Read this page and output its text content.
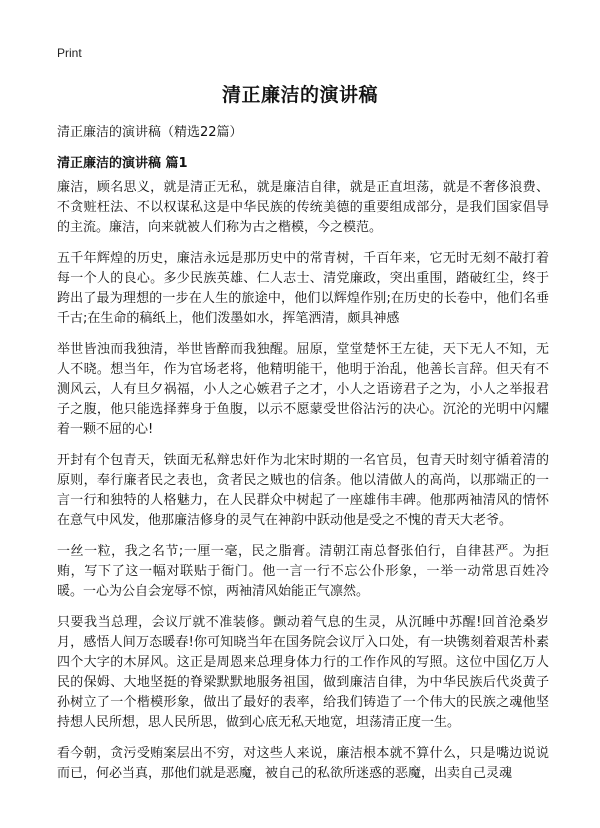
Print
清正廉洁的演讲稿
清正廉洁的演讲稿（精选22篇）
清正廉洁的演讲稿 篇1

廉洁，顾名思义，就是清正无私，就是廉洁自律，就是正直坦荡，就是不奢侈浪费、不贪赃枉法、不以权谋私这是中华民族的传统美德的重要组成部分，是我们国家倡导的主流。廉洁，向来就被人们称为古之楷模，今之模范。

五千年辉煌的历史，廉洁永远是那历史中的常青树，千百年来，它无时无刻不敲打着每一个人的良心。多少民族英雄、仁人志士、清党廉政，突出重围，踏破红尘，终于跨出了最为理想的一步在人生的旅途中，他们以辉煌作别;在历史的长卷中，他们名垂千古;在生命的稿纸上，他们泼墨如水，挥笔洒清，颇具神感

举世皆浊而我独清，举世皆醉而我独醒。屈原，堂堂楚怀王左徒，天下无人不知，无人不晓。想当年，作为官场老将，他精明能干，他明于治乱，他善长言辞。但天有不测风云，人有旦夕祸福，小人之心嫉君子之才，小人之语谤君子之为，小人之举报君子之腹，他只能选择葬身于鱼腹，以示不愿蒙受世俗沾污的决心。沉沦的光明中闪耀着一颗不屈的心!

开封有个包青天，铁面无私辩忠奸作为北宋时期的一名官员，包青天时刻守循着清的原则，奉行廉者民之表也，贪者民之贼也的信条。他以清做人的高尚，以那端正的一言一行和独特的人格魅力，在人民群众中树起了一座雄伟丰碑。他那两袖清风的情怀在意气中风发，他那廉洁修身的灵气在神韵中跃动他是受之不愧的青天大老爷。

一丝一粒，我之名节;一厘一毫，民之脂膏。清朝江南总督张伯行，自律甚严。为拒贿，写下了这一幅对联贴于衙门。他一言一行不忘公仆形象，一举一动常思百姓冷暖。一心为公自会宠辱不惊，两袖清风始能正气凛然。

只要我当总理，会议厅就不准装修。颤动着气息的生灵，从沉睡中苏醒!回首沧桑岁月，感悟人间万态暖春!你可知晓当年在国务院会议厅入口处，有一块镌刻着艰苦朴素四个大字的木屏风。这正是周恩来总理身体力行的工作作风的写照。这位中国亿万人民的保姆、大地坚挺的脊梁默默地服务祖国，做到廉洁自律，为中华民族后代炎黄子孙树立了一个楷模形象，做出了最好的表率，给我们铸造了一个伟大的民族之魂他坚持想人民所想，思人民所思，做到心底无私天地宽，坦荡清正度一生。

看今朝，贪污受贿案层出不穷，对这些人来说，廉洁根本就不算什么，只是嘴边说说而已，何必当真，那他们就是恶魔，被自己的私欲所迷惑的恶魔，出卖自己灵魂
